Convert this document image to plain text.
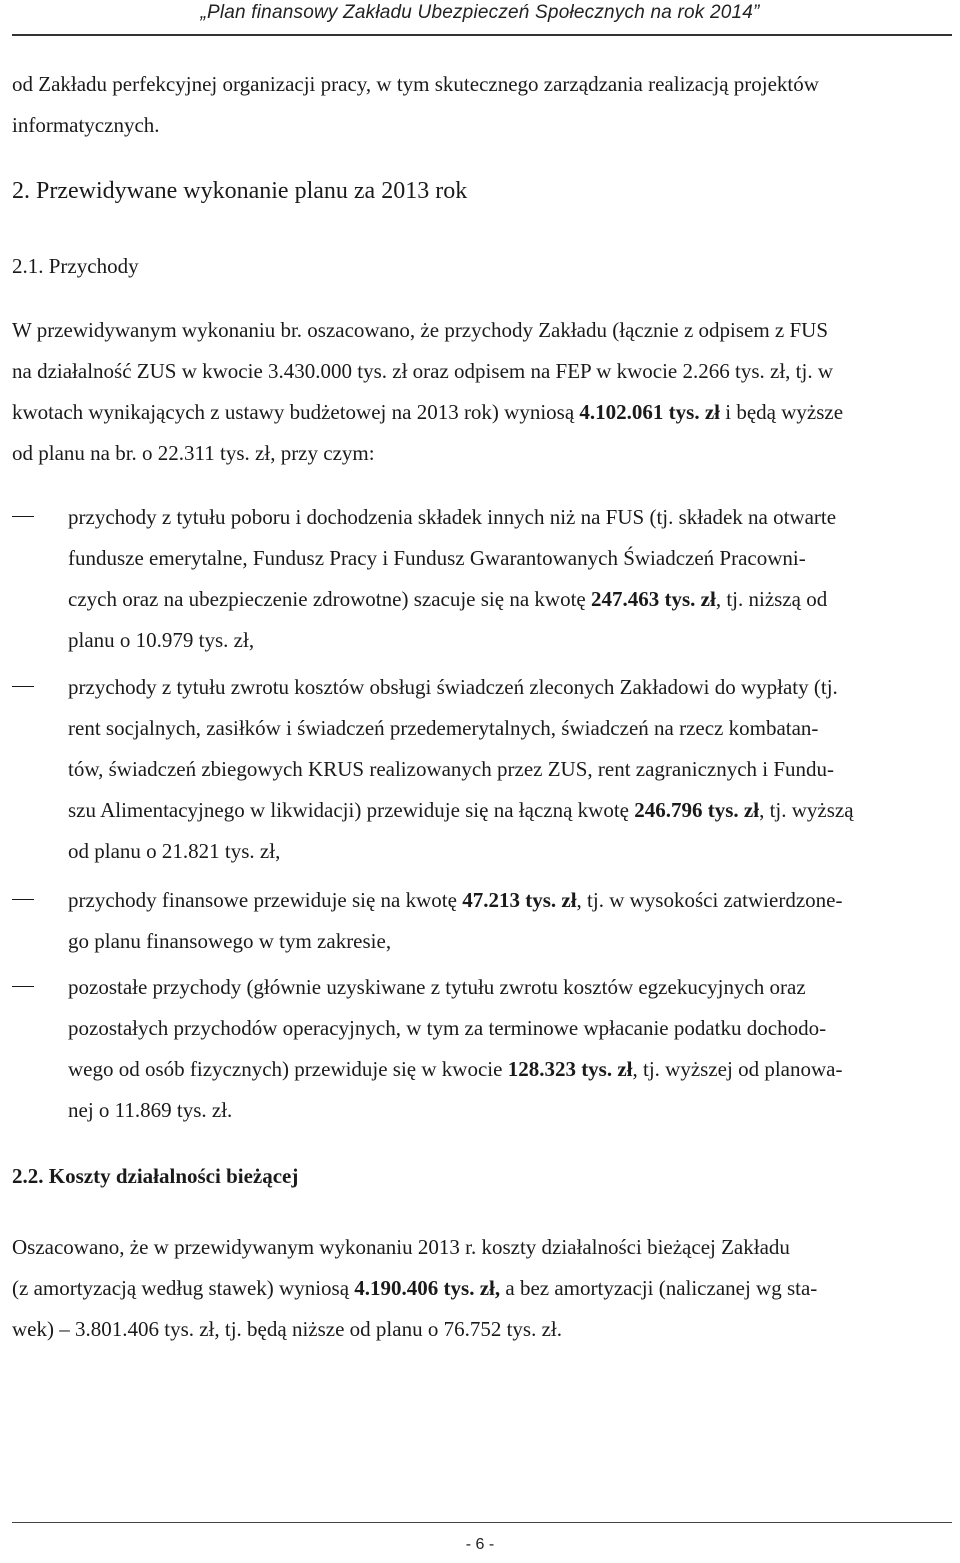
„Plan finansowy Zakładu Ubezpieczeń Społecznych na rok 2014”
od Zakładu perfekcyjnej organizacji pracy, w tym skutecznego zarządzania realizacją projektów
informatycznych.
2. Przewidywane wykonanie planu za 2013 rok
2.1. Przychody
W przewidywanym wykonaniu br. oszacowano, że przychody Zakładu (łącznie z odpisem z FUS
na działalność ZUS w kwocie 3.430.000 tys. zł oraz odpisem na FEP w kwocie 2.266 tys. zł, tj. w
kwotach wynikających z ustawy budżetowej na 2013 rok) wyniosą 4.102.061 tys. zł i będą wyższe
od planu na br. o 22.311 tys. zł, przy czym:
przychody z tytułu poboru i dochodzenia składek innych niż na FUS (tj. składek na otwarte
fundusze emerytalne, Fundusz Pracy i Fundusz Gwarantowanych Świadczeń Pracowni-
czych oraz na ubezpieczenie zdrowotne) szacuje się na kwotę 247.463 tys. zł, tj. niższą od
planu o 10.979 tys. zł,
przychody z tytułu zwrotu kosztów obsługi świadczeń zleconych Zakładowi do wypłaty (tj.
rent socjalnych, zasiłków i świadczeń przedemerytalnych, świadczeń na rzecz kombatan-
tów, świadczeń zbiegowych KRUS realizowanych przez ZUS, rent zagranicznych i Fundu-
szu Alimentacyjnego w likwidacji) przewiduje się na łączną kwotę 246.796 tys. zł, tj. wyższą
od planu o 21.821 tys. zł,
przychody finansowe przewiduje się na kwotę 47.213 tys. zł, tj. w wysokości zatwierdzone-
go planu finansowego w tym zakresie,
pozostałe przychody (głównie uzyskiwane z tytułu zwrotu kosztów egzekucyjnych oraz
pozostałych przychodów operacyjnych, w tym za terminowe wpłacanie podatku dochodo-
wego od osób fizycznych) przewiduje się w kwocie 128.323 tys. zł, tj. wyższej od planowa-
nej o 11.869 tys. zł.
2.2. Koszty działalności bieżącej
Oszacowano, że w przewidywanym wykonaniu 2013 r. koszty działalności bieżącej Zakładu
(z amortyzacją według stawek) wyniosą 4.190.406 tys. zł, a bez amortyzacji (naliczanej wg sta-
wek) – 3.801.406 tys. zł, tj. będą niższe od planu o 76.752 tys. zł.
- 6 -
